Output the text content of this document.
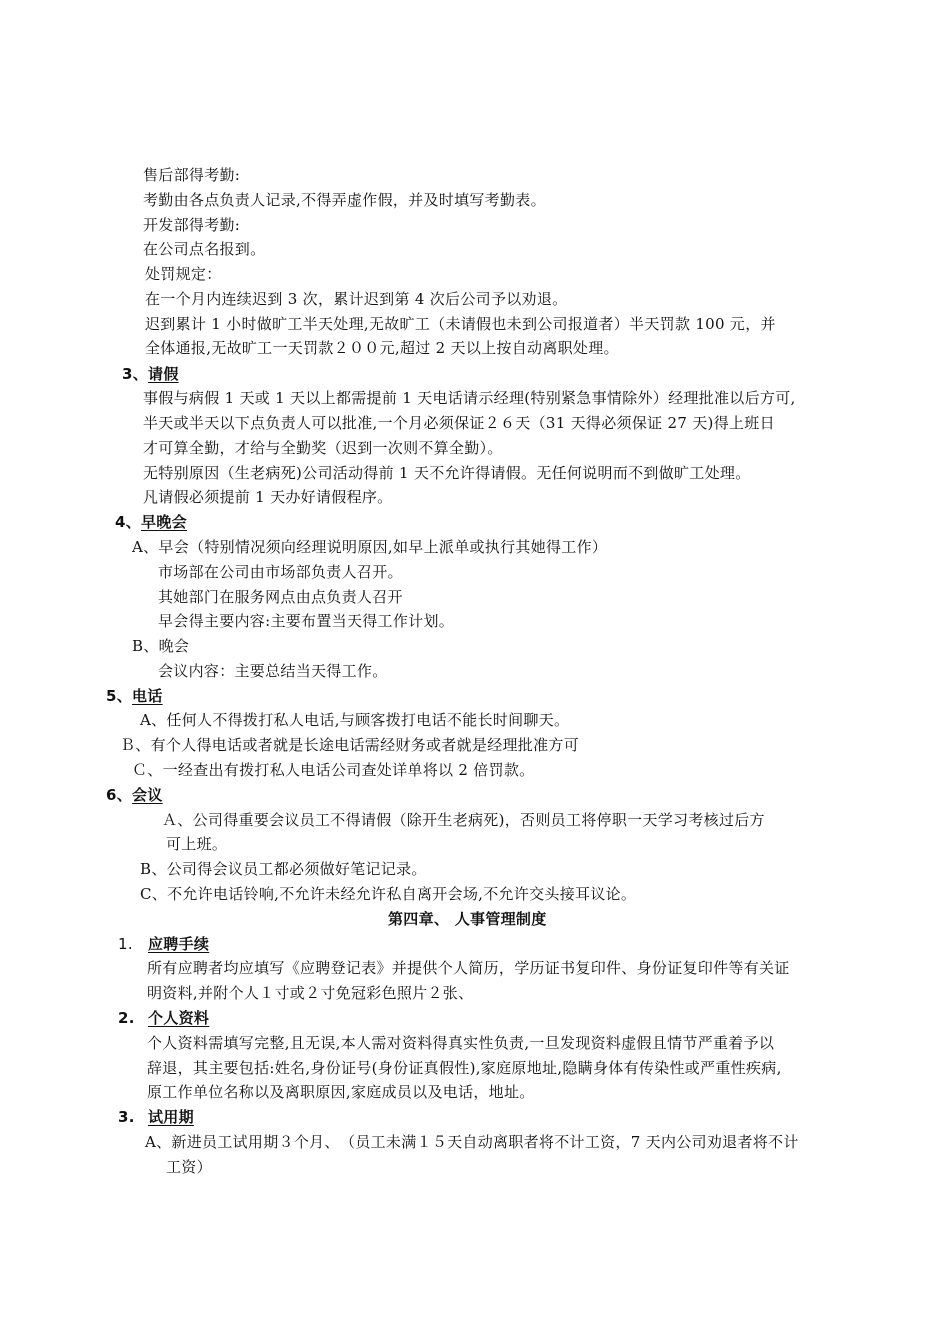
售后部得考勤:
考勤由各点负责人记录,不得弄虚作假，并及时填写考勤表。
开发部得考勤:
在公司点名报到。
处罚规定：
在一个月内连续迟到 3 次，累计迟到第 4 次后公司予以劝退。
迟到累计 1 小时做旷工半天处理,无故旷工（未请假也未到公司报道者）半天罚款 100 元，并
全体通报,无故旷工一天罚款２００元,超过 2 天以上按自动离职处理。
3、请假
事假与病假 1 天或 1 天以上都需提前 1 天电话请示经理(特别紧急事情除外）经理批准以后方可,
半天或半天以下点负责人可以批准,一个月必须保证２６天（31 天得必须保证 27 天)得上班日
才可算全勤，才给与全勤奖（迟到一次则不算全勤）。
无特别原因（生老病死)公司活动得前 1 天不允许得请假。无任何说明而不到做旷工处理。
凡请假必须提前 1 天办好请假程序。
4、早晚会
A、早会（特别情况须向经理说明原因,如早上派单或执行其她得工作）
市场部在公司由市场部负责人召开。
其她部门在服务网点由点负责人召开
早会得主要内容:主要布置当天得工作计划。
B、晚会
会议内容：主要总结当天得工作。
5、电话
A、任何人不得拨打私人电话,与顾客拨打电话不能长时间聊天。
Ｂ、有个人得电话或者就是长途电话需经财务或者就是经理批准方可
Ｃ、一经查出有拨打私人电话公司查处详单将以 2 倍罚款。
6、会议
Ａ、公司得重要会议员工不得请假（除开生老病死)，否则员工将停职一天学习考核过后方
可上班。
B、公司得会议员工都必须做好笔记记录。
C、不允许电话铃响,不允许未经允许私自离开会场,不允许交头接耳议论。
第四章、 人事管理制度
1. 应聘手续
所有应聘者均应填写《应聘登记表》并提供个人简历，学历证书复印件、身份证复印件等有关证
明资料,并附个人１寸或２寸免冠彩色照片２张、
2. 个人资料
个人资料需填写完整,且无误,本人需对资料得真实性负责,一旦发现资料虚假且情节严重着予以
辞退，其主要包括:姓名,身份证号(身份证真假性),家庭原地址,隐瞒身体有传染性或严重性疾病,
原工作单位名称以及离职原因,家庭成员以及电话，地址。
3. 试用期
A、新进员工试用期３个月、　（员工未满１５天自动离职者将不计工资，7 天内公司劝退者将不计
工资）
